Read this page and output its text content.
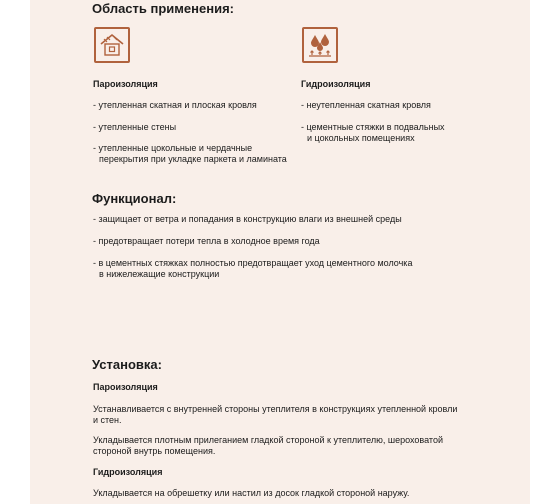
Область применения:
Пароизоляция
- утепленная скатная и плоская кровля
- утепленные стены
- утепленные цокольные и чердачные
перекрытия при укладке паркета и ламината
Гидроизоляция
- неутепленная скатная кровля
- цементные стяжки в подвальных
и цокольных помещениях
Функционал:
- защищает от ветра и попадания в конструкцию влаги из внешней среды
- предотвращает потери тепла в холодное время года
- в цементных стяжках полностью предотвращает уход цементного молочка
в нижележащие конструкции
Установка:
Пароизоляция
Устанавливается с внутренней стороны утеплителя в конструкциях утепленной кровли
и стен.
Укладывается плотным прилеганием гладкой стороной к утеплителю, шероховатой
стороной внутрь помещения.
Гидроизоляция
Укладывается на обрешетку или настил из досок гладкой стороной наружу.
